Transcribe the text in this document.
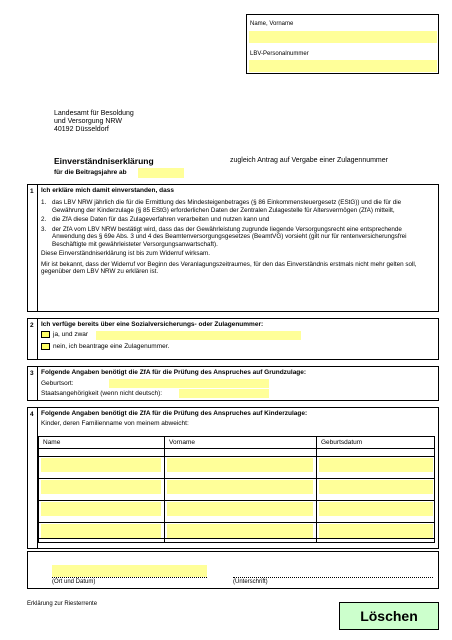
Name, Vorname
LBV-Personalnummer
Landesamt für Besoldung
und Versorgung NRW
40192 Düsseldorf
Einverständniserklärung	zugleich Antrag auf Vergabe einer Zulagennummer
für die Beitragsjahre ab
1 Ich erkläre mich damit einverstanden, dass
1. das LBV NRW jährlich die für die Ermittlung des Mindesteigenbetrages (§ 86 Einkommensteuergesetz (EStG)) und die für die Gewährung der Kinderzulage (§ 85 EStG) erforderlichen Daten der Zentralen Zulagestelle für Altersvermögen (ZfA) mitteilt,
2. die ZfA diese Daten für das Zulageverfahren verarbeiten und nutzen kann und
3. der ZfA vom LBV NRW bestätigt wird, dass das der Gewährleistung zugrunde liegende Versorgungsrecht eine entsprechende Anwendung des § 69e Abs. 3 und 4 des Beamtenversorgungsgesetzes (BeamtVG) vorsieht (gilt nur für rentenversicherungsfrei Beschäftigte mit gewährleisteter Versorgungsanwartschaft).
Diese Einverständniserklärung ist bis zum Widerruf wirksam.
Mir ist bekannt, dass der Widerruf vor Beginn des Veranlagungszeitraumes, für den das Einverständnis erstmals nicht mehr gelten soll, gegenüber dem LBV NRW zu erklären ist.
2 Ich verfüge bereits über eine Sozialversicherungs- oder Zulagenummer:
ja, und zwar
nein, ich beantrage eine Zulagenummer.
3 Folgende Angaben benötigt die ZfA für die Prüfung des Anspruches auf Grundzulage:
Geburtsort:
Staatsangehörigkeit (wenn nicht deutsch):
4 Folgende Angaben benötigt die ZfA für die Prüfung des Anspruches auf Kinderzulage:
Kinder, deren Familienname von meinem abweicht:
Name	Vorname	Geburtsdatum
(Ort und Datum)	(Unterschrift)
Erklärung zur Riesterrente
Löschen
